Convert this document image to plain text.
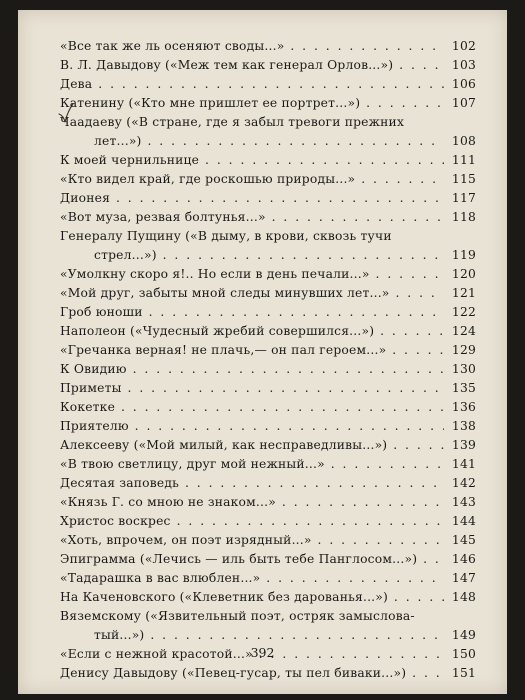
«Все так же ль осеняют своды...» . . .	102
В. Л. Давыдову («Меж тем как генерал Орлов...») . . .	103
Дева . . .	106
Катенину («Кто мне пришлет ее портрет...») . . .	107
Чаадаеву («В стране, где я забыл тревоги прежних
лет...») . . .	108
К моей чернильнице . . .	111
«Кто видел край, где роскошью природы...» . . .	115
Дионея . . .	117
«Вот муза, резвая болтунья...» . . .	118
Генералу Пущину («В дыму, в крови, сквозь тучи
стрел...») . . .	119
«Умолкну скоро я!.. Но если в день печали...» . . .	120
«Мой друг, забыты мной следы минувших лет...» . . .	121
Гроб юноши . . .	122
Наполеон («Чудесный жребий совершился...») . . .	124
«Гречанка верная! не плачь,— он пал героем...» . . .	129
К Овидию . . .	130
Приметы . . .	135
Кокетке . . .	136
Приятелю . . .	138
Алексееву («Мой милый, как несправедливы...») . . .	139
«В твою светлицу, друг мой нежный...» . . .	141
Десятая заповедь . . .	142
«Князь Г. со мною не знаком...» . . .	143
Христос воскрес . . .	144
«Хоть, впрочем, он поэт изрядный...» . . .	145
Эпиграмма («Лечись — иль быть тебе Панглосом...») . . .	146
«Тадарашка в вас влюблен...» . . .	147
На Каченовского («Клеветник без дарованья...») . . .	148
Вяземскому («Язвительный поэт, остряк замыслова-
тый...») . . .	149
«Если с нежной красотой...» . . .	150
Денису Давыдову («Певец-гусар, ты пел биваки...») . . .	151
392
